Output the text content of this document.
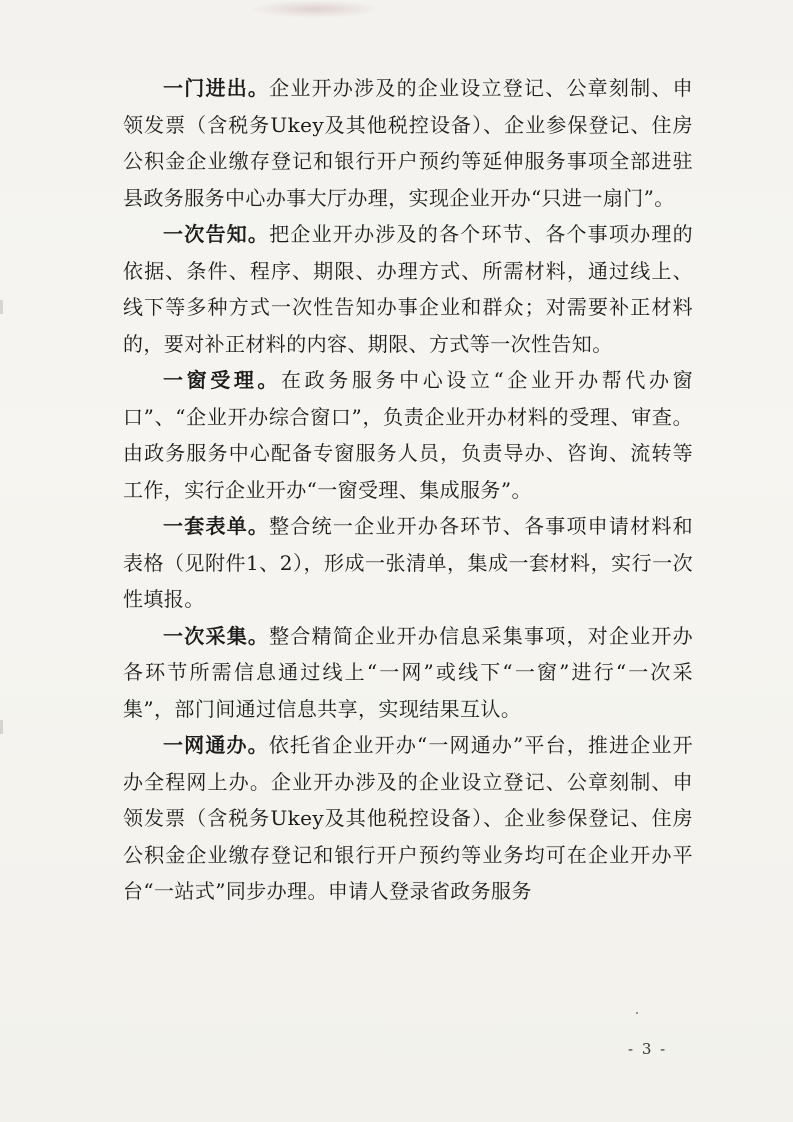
一门进出。企业开办涉及的企业设立登记、公章刻制、申领发票（含税务Ukey及其他税控设备）、企业参保登记、住房公积金企业缴存登记和银行开户预约等延伸服务事项全部进驻县政务服务中心办事大厅办理，实现企业开办“只进一扇门”。

一次告知。把企业开办涉及的各个环节、各个事项办理的依据、条件、程序、期限、办理方式、所需材料，通过线上、线下等多种方式一次性告知办事企业和群众；对需要补正材料的，要对补正材料的内容、期限、方式等一次性告知。

一窗受理。在政务服务中心设立“企业开办帮代办窗口”、“企业开办综合窗口”，负责企业开办材料的受理、审查。由政务服务中心配备专窗服务人员，负责导办、咨询、流转等工作，实行企业开办“一窗受理、集成服务”。

一套表单。整合统一企业开办各环节、各事项申请材料和表格（见附件1、2），形成一张清单，集成一套材料，实行一次性填报。

一次采集。整合精简企业开办信息采集事项，对企业开办各环节所需信息通过线上“一网”或线下“一窗”进行“一次采集”，部门间通过信息共享，实现结果互认。

一网通办。依托省企业开办“一网通办”平台，推进企业开办全程网上办。企业开办涉及的企业设立登记、公章刻制、申领发票（含税务Ukey及其他税控设备）、企业参保登记、住房公积金企业缴存登记和银行开户预约等业务均可在企业开办平台“一站式”同步办理。申请人登录省政务服务

- 3 -
